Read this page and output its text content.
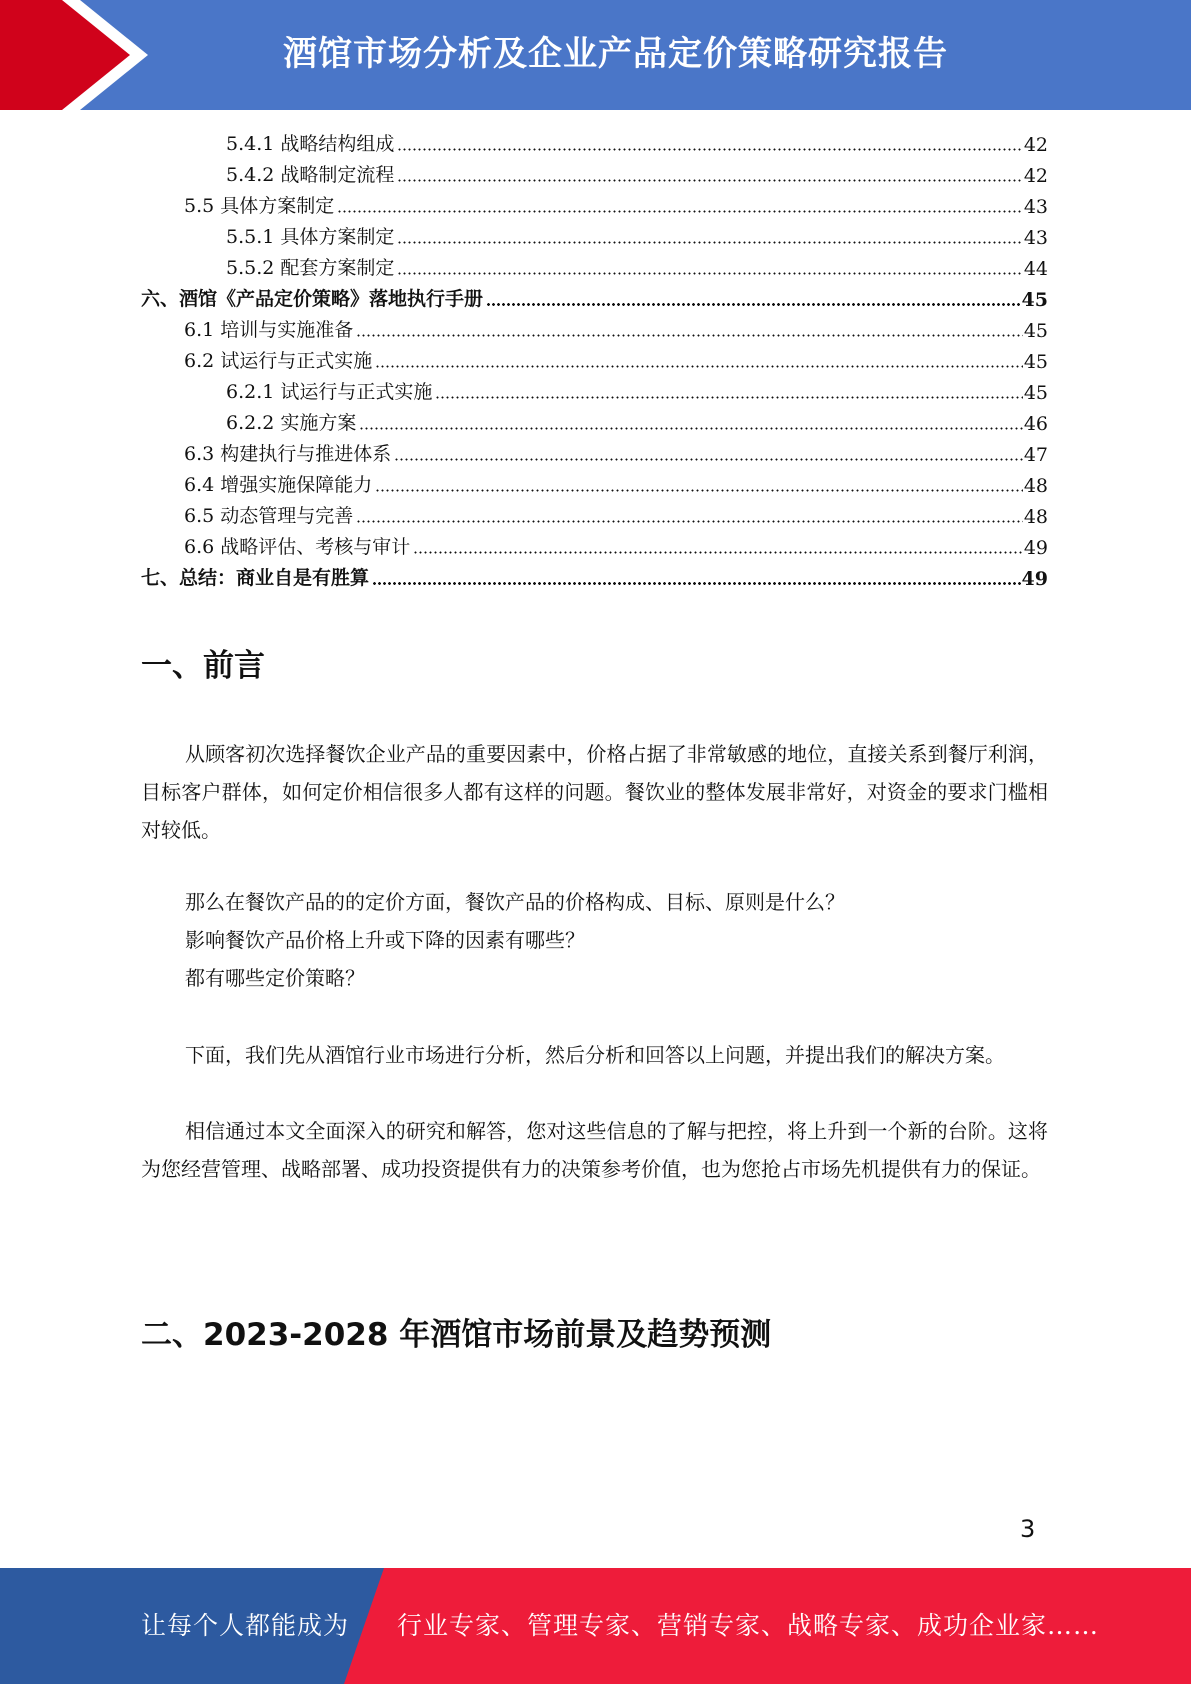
酒馆市场分析及企业产品定价策略研究报告
5.4.1 战略结构组成	42
5.4.2 战略制定流程	42
5.5 具体方案制定	43
5.5.1 具体方案制定	43
5.5.2 配套方案制定	44
六、酒馆《产品定价策略》落地执行手册	45
6.1 培训与实施准备	45
6.2 试运行与正式实施	45
6.2.1 试运行与正式实施	45
6.2.2 实施方案	46
6.3 构建执行与推进体系	47
6.4 增强实施保障能力	48
6.5 动态管理与完善	48
6.6 战略评估、考核与审计	49
七、总结：商业自是有胜算	49
一、前言

从顾客初次选择餐饮企业产品的重要因素中，价格占据了非常敏感的地位，直接关系到餐厅利润，目标客户群体，如何定价相信很多人都有这样的问题。餐饮业的整体发展非常好，对资金的要求门槛相对较低。

那么在餐饮产品的的定价方面，餐饮产品的价格构成、目标、原则是什么？
影响餐饮产品价格上升或下降的因素有哪些？
都有哪些定价策略？

下面，我们先从酒馆行业市场进行分析，然后分析和回答以上问题，并提出我们的解决方案。

相信通过本文全面深入的研究和解答，您对这些信息的了解与把控，将上升到一个新的台阶。这将为您经营管理、战略部署、成功投资提供有力的决策参考价值，也为您抢占市场先机提供有力的保证。

二、2023-2028 年酒馆市场前景及趋势预测
3
让每个人都能成为 行业专家、管理专家、营销专家、战略专家、成功企业家……
